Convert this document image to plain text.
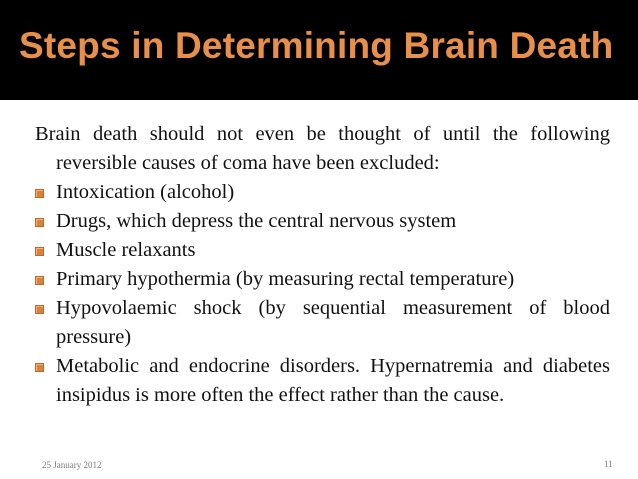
Steps in Determining Brain Death
25 January 2012	11
Brain death should not even be thought of until the following reversible causes of coma have been excluded:
Intoxication (alcohol)
Drugs, which depress the central nervous system
Muscle relaxants
Primary hypothermia (by measuring rectal temperature)
Hypovolaemic shock (by sequential measurement of blood pressure)
Metabolic and endocrine disorders. Hypernatremia and diabetes insipidus is more often the effect rather than the cause.
